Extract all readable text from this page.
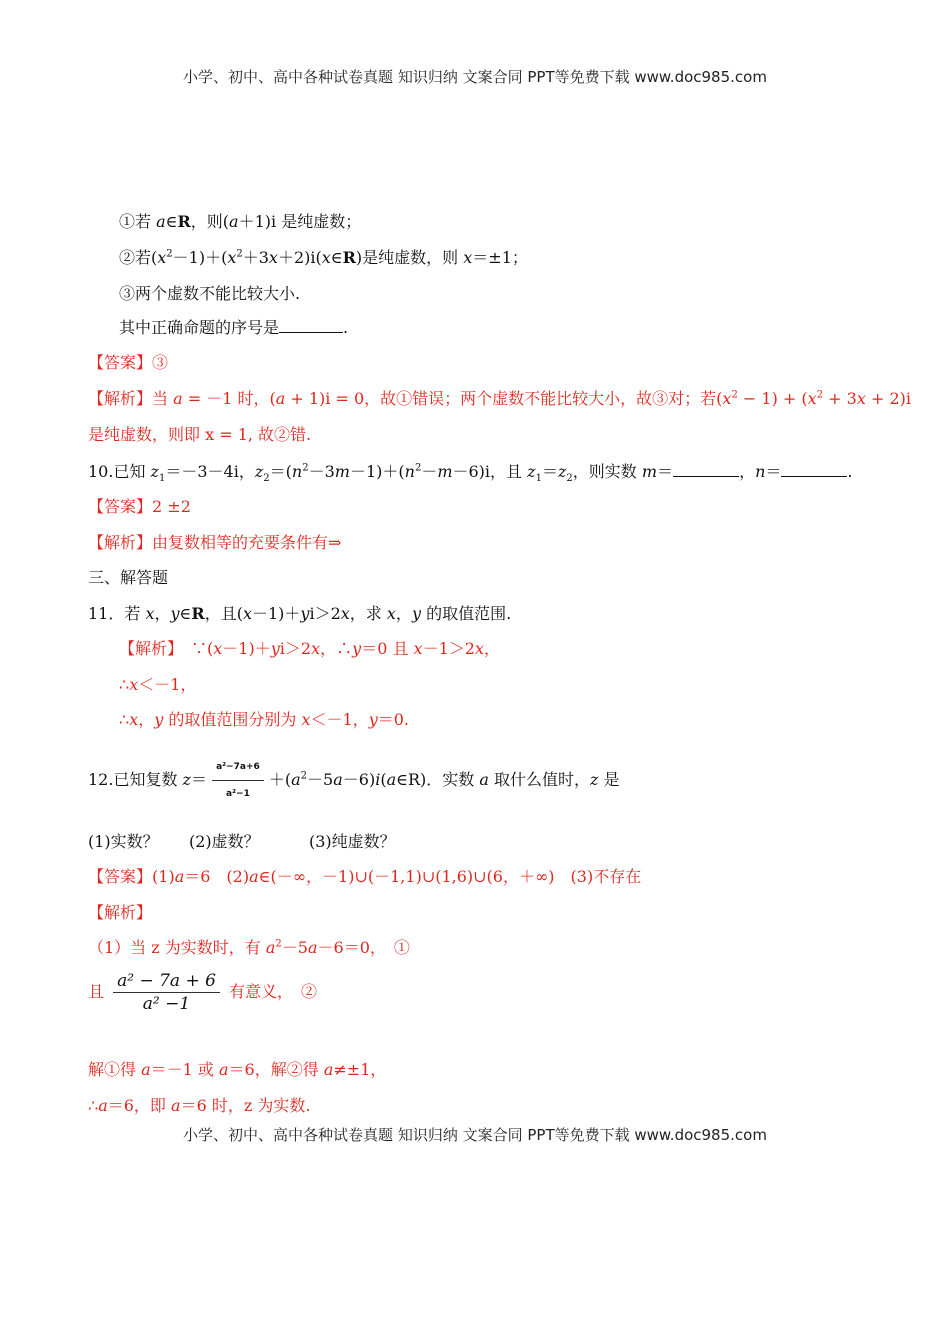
小学、初中、高中各种试卷真题 知识归纳 文案合同 PPT等免费下载 www.doc985.com
①若 a∈R，则(a＋1)i 是纯虚数；
②若$(x^2-1)+(x^2+3x+2)i(x\in R)$是纯虚数，则 x＝±1；
③两个虚数不能比较大小.
其中正确命题的序号是	.
【答案】③
【解析】当 a = －1 时，(a + 1)i = 0，故①错误；两个虚数不能比较大小，故③对；若$(x^2 - 1) + (x^2 + 3x + 2)i$
是纯虚数，则即 x = 1, 故②错.
10.已知 $z_1=-3-4i$，$z_2=(n^2-3m-1)+(n^2-m-6)i$，且 $z_1=z_2$，则实数 m＝	，n＝	.
【答案】2 ±2
【解析】由复数相等的充要条件有⇒
三、解答题
11．若 x，y∈R，且(x－1)＋yi＞2x，求 x，y 的取值范围.
【解析】　∵(x－1)＋yi＞2x，∴y＝0 且 x－1＞2x，
∴x＜－1，
∴x，y 的取值范围分别为 x＜－1，y＝0.
12.已知复数 $z= \frac{\text{a²−7a+6}}{\text{a²−1}}$ $+(a^2-5a-6)i(a\in R)$．实数 a 取什么值时，z 是
(1)实数？ (2)虚数？	(3)纯虚数？
【答案】(1)a＝6　(2)a∈(－∞，－1)∪(－1,1)∪(1,6)∪(6，＋∞)　(3)不存在
【解析】
（1）当 z 为实数时，有 $a^2-5a-6=0$，　①
且 $\frac{\text{a² − 7a + 6}}{\text{a² −1}}$ 有意义，　②
解①得 a＝－1 或 a＝6，解②得 a≠±1，
∴a＝6，即 a＝6 时，z 为实数.
小学、初中、高中各种试卷真题 知识归纳 文案合同 PPT等免费下载 www.doc985.com
